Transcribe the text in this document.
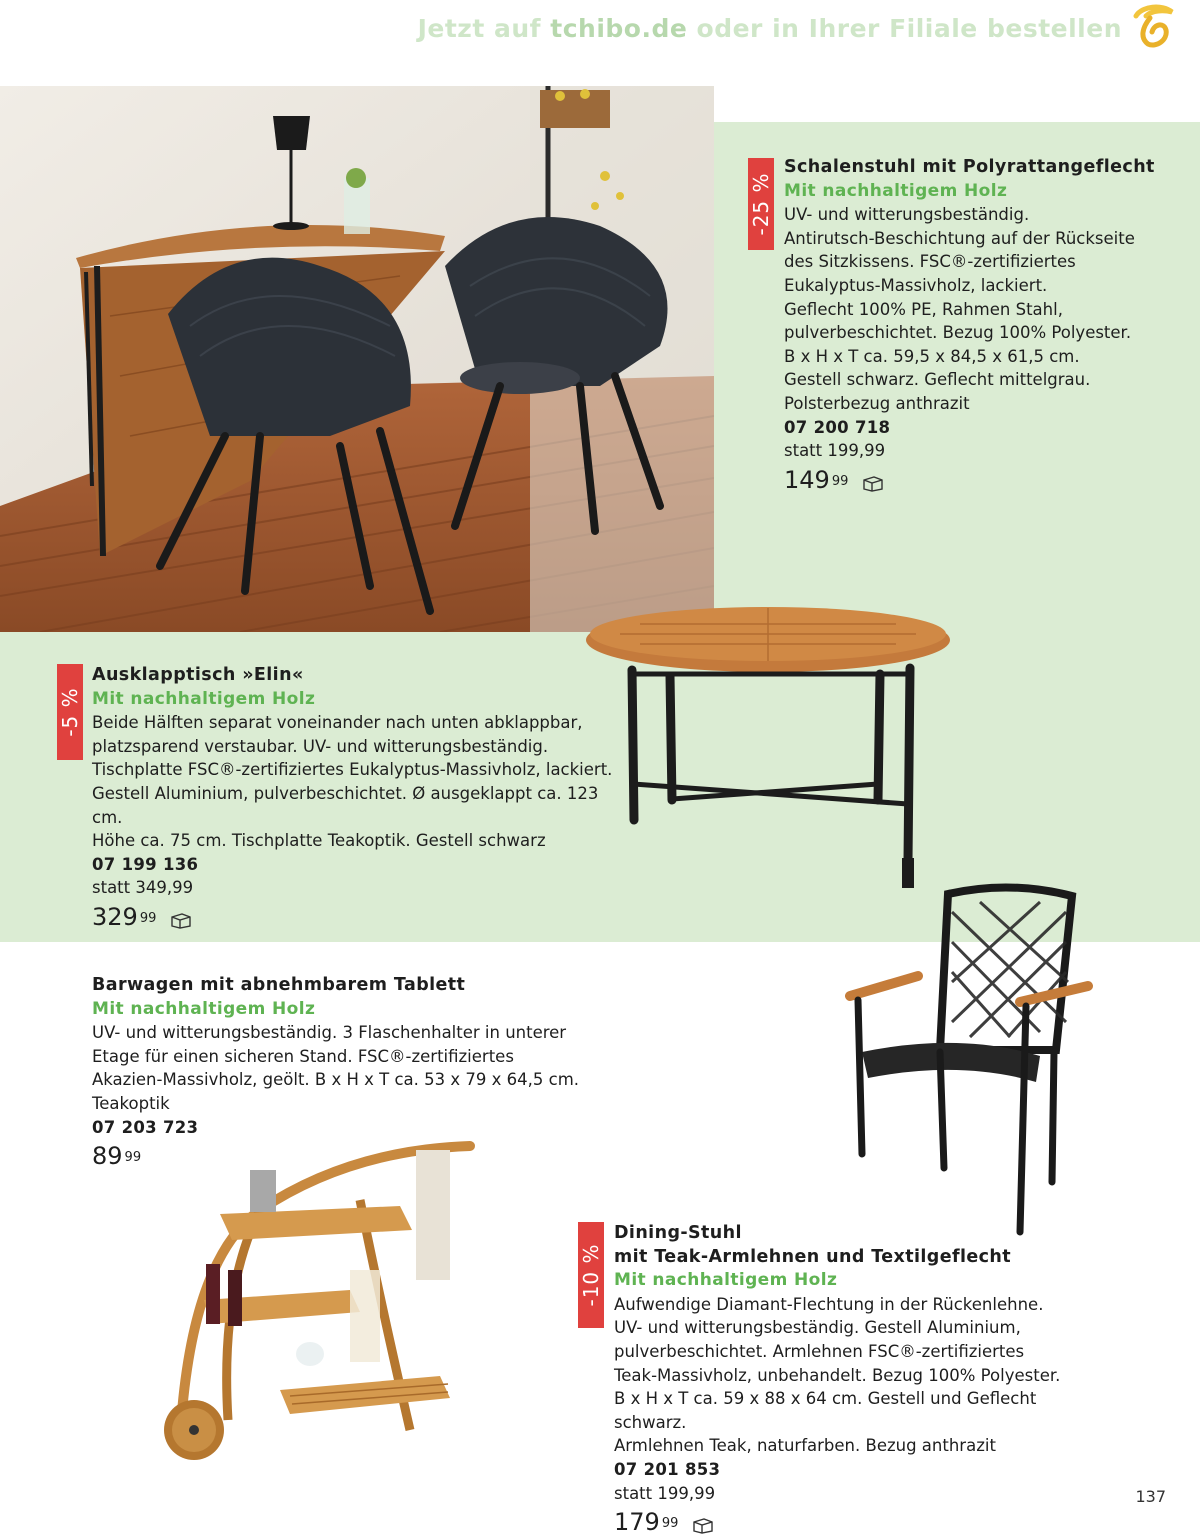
Jetzt auf tchibo.de oder in Ihrer Filiale bestellen
-25 %
Schalenstuhl mit Polyrattangeflecht
Mit nachhaltigem Holz
UV- und witterungsbeständig.
Antirutsch-Beschichtung auf der Rückseite
des Sitzkissens. FSC®-zertifiziertes
Eukalyptus-Massivholz, lackiert.
Geflecht 100% PE, Rahmen Stahl,
pulverbeschichtet. Bezug 100% Polyester.
B x H x T ca. 59,5 x 84,5 x 61,5 cm.
Gestell schwarz. Geflecht mittelgrau.
Polsterbezug anthrazit
07 200 718
statt 199,99
149 99
-5 %
Ausklapptisch »Elin«
Mit nachhaltigem Holz
Beide Hälften separat voneinander nach unten abklappbar,
platzsparend verstaubar. UV- und witterungsbeständig.
Tischplatte FSC®-zertifiziertes Eukalyptus-Massivholz, lackiert.
Gestell Aluminium, pulverbeschichtet. Ø ausgeklappt ca. 123 cm.
Höhe ca. 75 cm. Tischplatte Teakoptik. Gestell schwarz
07 199 136
statt 349,99
329 99
Barwagen mit abnehmbarem Tablett
Mit nachhaltigem Holz
UV- und witterungsbeständig. 3 Flaschenhalter in unterer
Etage für einen sicheren Stand. FSC®-zertifiziertes
Akazien-Massivholz, geölt. B x H x T ca. 53 x 79 x 64,5 cm.
Teakoptik
07 203 723
89 99
-10 %
Dining-Stuhl
mit Teak-Armlehnen und Textilgeflecht
Mit nachhaltigem Holz
Aufwendige Diamant-Flechtung in der Rückenlehne.
UV- und witterungsbeständig. Gestell Aluminium,
pulverbeschichtet. Armlehnen FSC®-zertifiziertes
Teak-Massivholz, unbehandelt. Bezug 100% Polyester.
B x H x T ca. 59 x 88 x 64 cm. Gestell und Geflecht schwarz.
Armlehnen Teak, naturfarben. Bezug anthrazit
07 201 853
statt 199,99
179 99
137
